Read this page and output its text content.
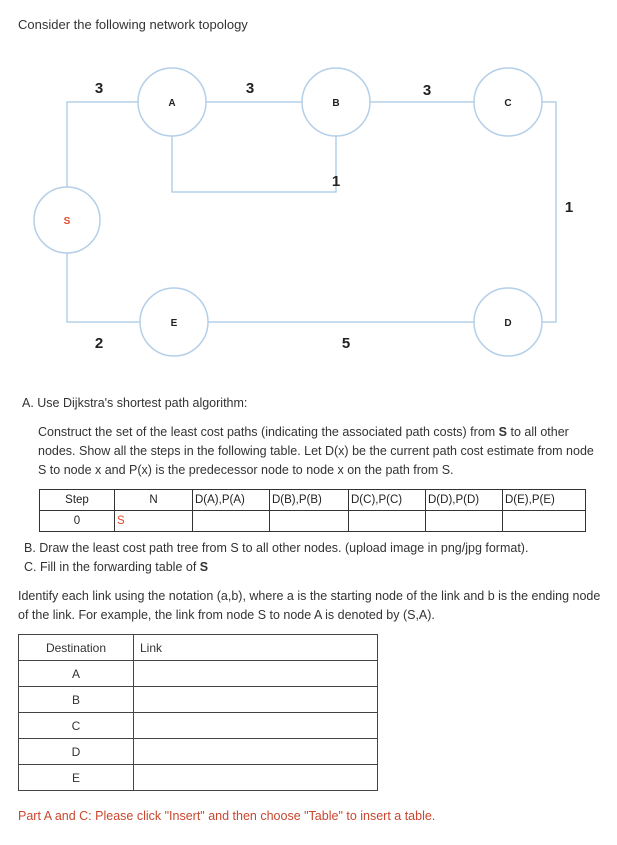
Consider the following network topology
S
A	B	C
D
E
3	3	3
1
1
2	5
A. Use Dijkstra's shortest path algorithm:
Construct the set of the least cost paths (indicating the associated path costs) from S to all other nodes. Show all the steps in the following table. Let D(x) be the current path cost estimate from node S to node x and P(x) is the predecessor node to node x on the path from S.
Step	N	D(A),P(A)	D(B),P(B)	D(C),P(C)	D(D),P(D)	D(E),P(E)
0	S					
B. Draw the least cost path tree from S to all other nodes. (upload image in png/jpg format).
C. Fill in the forwarding table of S
Identify each link using the notation (a,b), where a is the starting node of the link and b is the ending node of the link. For example, the link from node S to node A is denoted by (S,A).
Destination	Link
A	
B	
C	
D	
E	
Part A and C: Please click "Insert" and then choose "Table" to insert a table.
